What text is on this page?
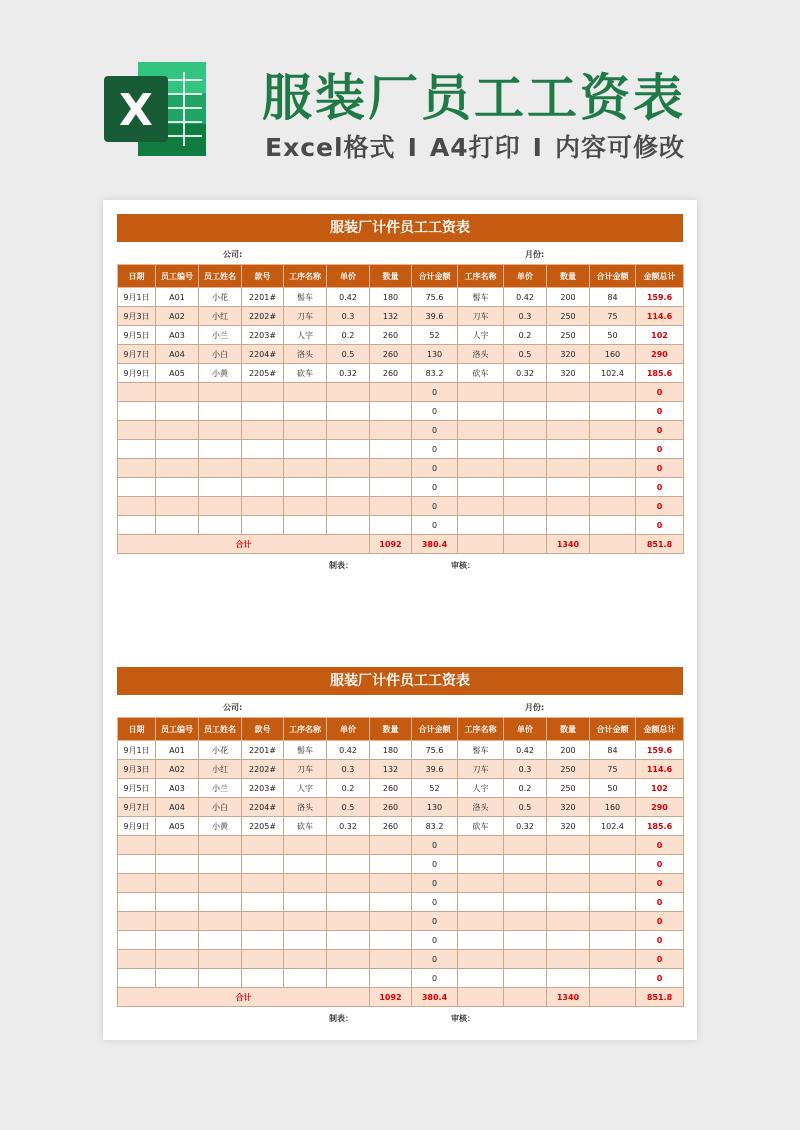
X 服装厂员工工资表
Excel格式 I A4打印 I 内容可修改
服装厂计件员工工资表
公司:	月份:
日期	员工编号	员工姓名	款号	工序名称	单价	数量	合计金额	工序名称	单价	数量	合计金额	金额总计
9月1日	A01	小花	2201#	髻车	0.42	180	75.6	髻车	0.42	200	84	159.6
9月3日	A02	小红	2202#	刀车	0.3	132	39.6	刀车	0.3	250	75	114.6
9月5日	A03	小兰	2203#	人字	0.2	260	52	人字	0.2	250	50	102
9月7日	A04	小白	2204#	洛头	0.5	260	130	洛头	0.5	320	160	290
9月9日	A05	小黄	2205#	砍车	0.32	260	83.2	砍车	0.32	320	102.4	185.6
							0					0
							0					0
							0					0
							0					0
							0					0
							0					0
							0					0
							0					0
合计						1092	380.4			1340		851.8
制表：	审核：
服装厂计件员工工资表
公司:	月份:
日期	员工编号	员工姓名	款号	工序名称	单价	数量	合计金额	工序名称	单价	数量	合计金额	金额总计
9月1日	A01	小花	2201#	髻车	0.42	180	75.6	髻车	0.42	200	84	159.6
9月3日	A02	小红	2202#	刀车	0.3	132	39.6	刀车	0.3	250	75	114.6
9月5日	A03	小兰	2203#	人字	0.2	260	52	人字	0.2	250	50	102
9月7日	A04	小白	2204#	洛头	0.5	260	130	洛头	0.5	320	160	290
9月9日	A05	小黄	2205#	砍车	0.32	260	83.2	砍车	0.32	320	102.4	185.6
							0					0
							0					0
							0					0
							0					0
							0					0
							0					0
							0					0
							0					0
合计						1092	380.4			1340		851.8
制表：	审核：
